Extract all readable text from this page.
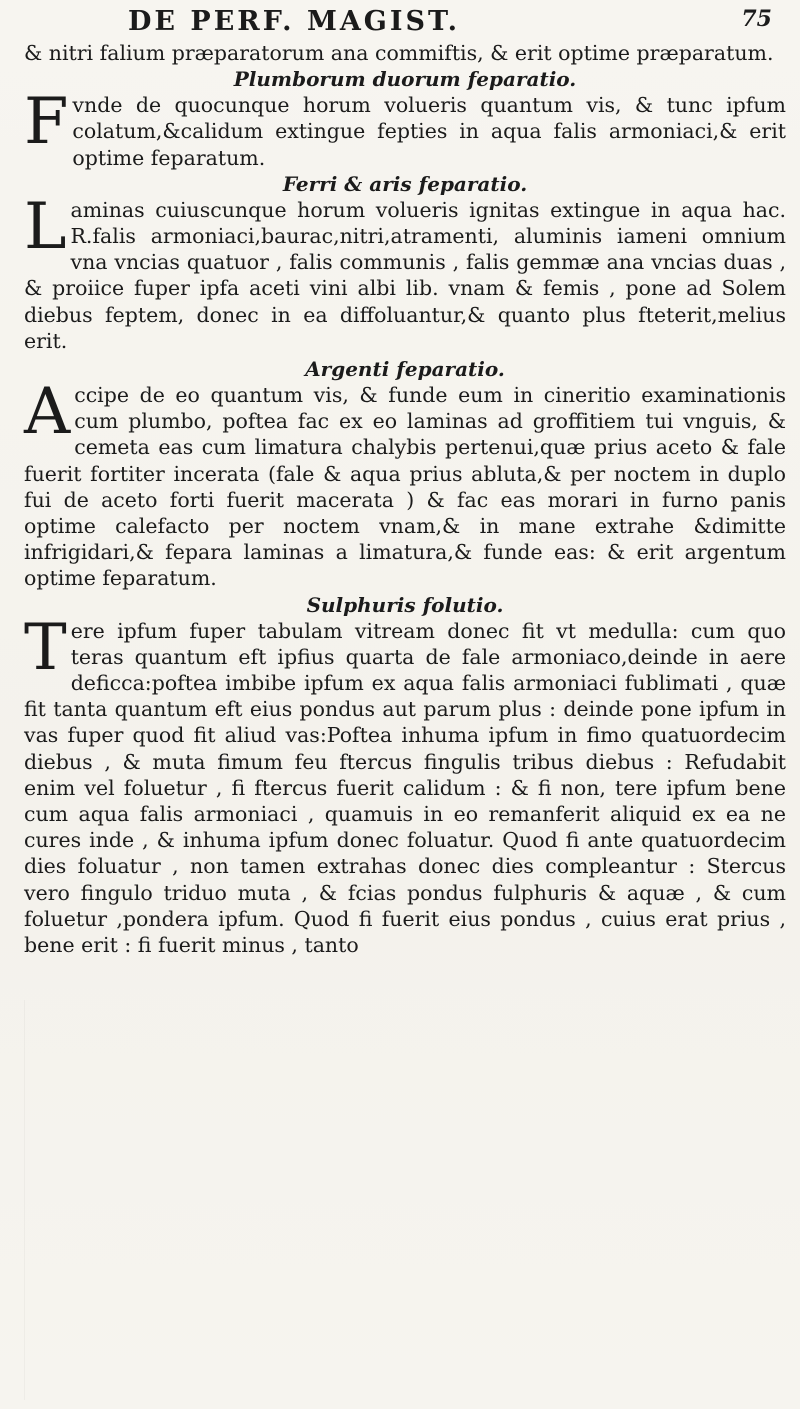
DE PERF. MAGIST.	75

& nitri falium præparatorum ana commiftis, & erit optime præparatum.

Plumborum duorum feparatio.

Fvnde de quocunque horum volueris quantum vis, & tunc ipfum colatum,&calidum extingue fepties in aqua falis armoniaci,& erit optime feparatum.

Ferri & aris feparatio.

Laminas cuiuscunque horum volueris ignitas extingue in aqua hac. R.falis armoniaci,baurac,nitri,atramenti, aluminis iameni omnium vna vncias quatuor , falis communis , falis gemmæ ana vncias duas , & proiice fuper ipfa aceti vini albi lib. vnam & femis , pone ad Solem diebus feptem, donec in ea diffoluantur,& quanto plus fteterit,melius erit.

Argenti feparatio.

Accipe de eo quantum vis, & funde eum in cineritio examinationis cum plumbo, poftea fac ex eo laminas ad groffitiem tui vnguis, & cemeta eas cum limatura chalybis pertenui,quæ prius aceto & fale fuerit fortiter incerata (fale & aqua prius abluta,& per noctem in duplo fui de aceto forti fuerit macerata ) & fac eas morari in furno panis optime calefacto per noctem vnam,& in mane extrahe &dimitte infrigidari,& fepara laminas a limatura,& funde eas: & erit argentum optime feparatum.

Sulphuris folutio.

Tere ipfum fuper tabulam vitream donec fit vt medulla: cum quo teras quantum eft ipfius quarta de fale armoniaco,deinde in aere deficca:poftea imbibe ipfum ex aqua falis armoniaci fublimati , quæ fit tanta quantum eft eius pondus aut parum plus : deinde pone ipfum in vas fuper quod fit aliud vas:Poftea inhuma ipfum in fimo quatuordecim diebus , & muta fimum feu ftercus fingulis tribus diebus : Refudabit enim vel foluetur , fi ftercus fuerit calidum : & fi non, tere ipfum bene cum aqua falis armoniaci , quamuis in eo remanferit aliquid ex ea ne cures inde , & inhuma ipfum donec foluatur. Quod fi ante quatuordecim dies foluatur , non tamen extrahas donec dies compleantur : Stercus vero fingulo triduo muta , & fcias pondus fulphuris & aquæ , & cum foluetur ,pondera ipfum. Quod fi fuerit eius pondus , cuius erat prius , bene erit : fi fuerit minus , tanto
